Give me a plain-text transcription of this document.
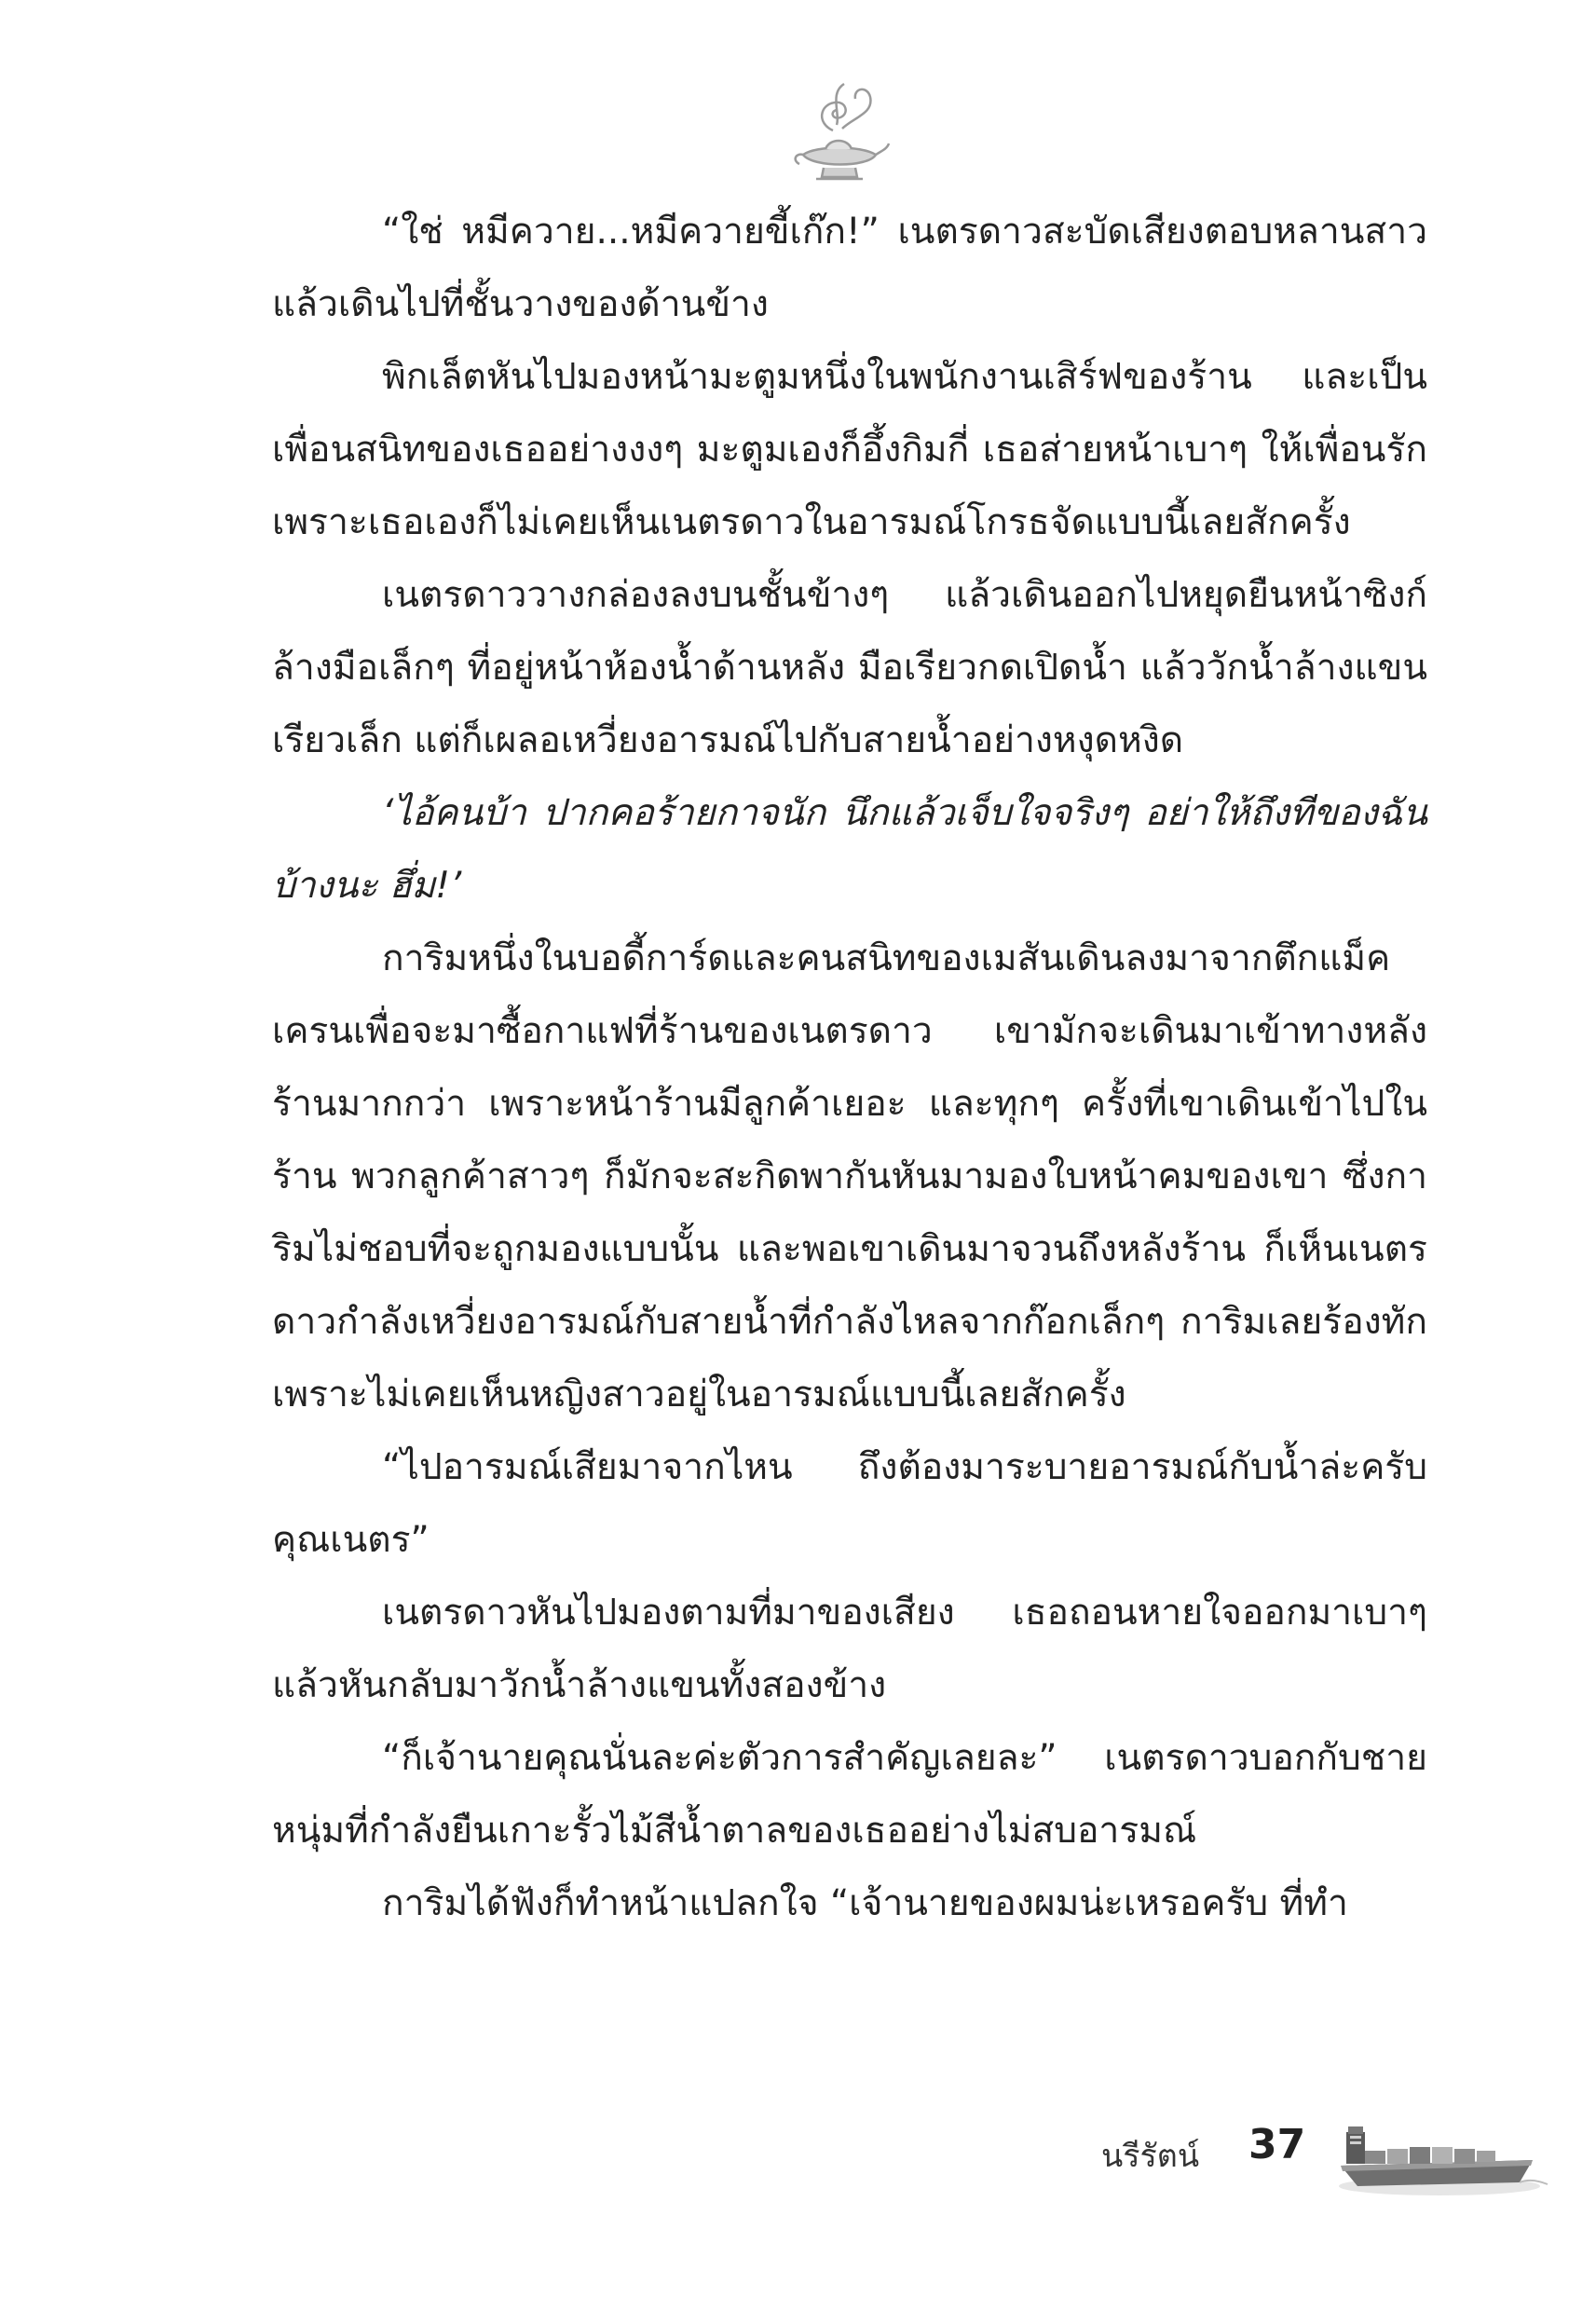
“ใช่ หมีควาย...หมีควายขี้เก๊ก!” เนตรดาวสะบัดเสียงตอบหลานสาว แล้วเดินไปที่ชั้นวางของด้านข้าง

พิกเล็ตหันไปมองหน้ามะตูมหนึ่งในพนักงานเสิร์ฟของร้าน และเป็นเพื่อนสนิทของเธออย่างงงๆ มะตูมเองก็อึ้งกิมกี่ เธอส่ายหน้าเบาๆ ให้เพื่อนรัก เพราะเธอเองก็ไม่เคยเห็นเนตรดาวในอารมณ์โกรธจัดแบบนี้เลยสักครั้ง

เนตรดาววางกล่องลงบนชั้นข้างๆ แล้วเดินออกไปหยุดยืนหน้าซิงก์ล้างมือเล็กๆ ที่อยู่หน้าห้องน้ำด้านหลัง มือเรียวกดเปิดน้ำ แล้ววักน้ำล้างแขนเรียวเล็ก แต่ก็เผลอเหวี่ยงอารมณ์ไปกับสายน้ำอย่างหงุดหงิด

‘ไอ้คนบ้า ปากคอร้ายกาจนัก นึกแล้วเจ็บใจจริงๆ อย่าให้ถึงทีของฉันบ้างนะ ฮึ่ม!’

การิมหนึ่งในบอดี้การ์ดและคนสนิทของเมสันเดินลงมาจากตึกแม็คเครนเพื่อจะมาซื้อกาแฟที่ร้านของเนตรดาว เขามักจะเดินมาเข้าทางหลังร้านมากกว่า เพราะหน้าร้านมีลูกค้าเยอะ และทุกๆ ครั้งที่เขาเดินเข้าไปในร้าน พวกลูกค้าสาวๆ ก็มักจะสะกิดพากันหันมามองใบหน้าคมของเขา ซึ่งการิมไม่ชอบที่จะถูกมองแบบนั้น และพอเขาเดินมาจวนถึงหลังร้าน ก็เห็นเนตรดาวกำลังเหวี่ยงอารมณ์กับสายน้ำที่กำลังไหลจากก๊อกเล็กๆ การิมเลยร้องทักเพราะไม่เคยเห็นหญิงสาวอยู่ในอารมณ์แบบนี้เลยสักครั้ง

“ไปอารมณ์เสียมาจากไหน ถึงต้องมาระบายอารมณ์กับน้ำล่ะครับคุณเนตร”

เนตรดาวหันไปมองตามที่มาของเสียง เธอถอนหายใจออกมาเบาๆ แล้วหันกลับมาวักน้ำล้างแขนทั้งสองข้าง

“ก็เจ้านายคุณนั่นละค่ะตัวการสำคัญเลยละ” เนตรดาวบอกกับชายหนุ่มที่กำลังยืนเกาะรั้วไม้สีน้ำตาลของเธออย่างไม่สบอารมณ์

การิมได้ฟังก็ทำหน้าแปลกใจ “เจ้านายของผมน่ะเหรอครับ ที่ทำ

นรีรัตน์ 37
